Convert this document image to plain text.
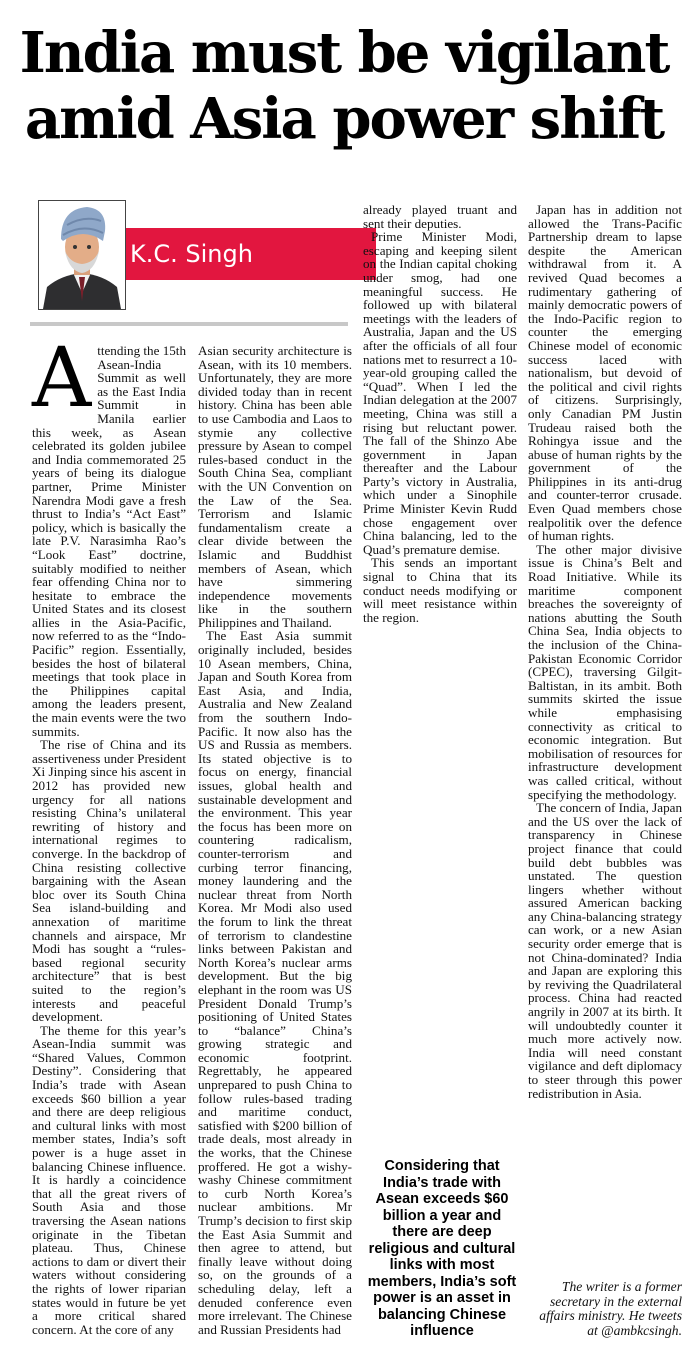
India must be vigilant
amid Asia power shift
K.C. Singh

Attending the 15th Asean-India Summit as well as the East India Summit in Manila earlier this week, as Asean celebrated its golden jubilee and India commemorated 25 years of being its dialogue partner, Prime Minister Narendra Modi gave a fresh thrust to India’s “Act East” policy, which is basically the late P.V. Narasimha Rao’s “Look East” doctrine, suitably modified to neither fear offending China nor to hesitate to embrace the United States and its closest allies in the Asia-Pacific, now referred to as the “Indo-Pacific” region. Essentially, besides the host of bilateral meetings that took place in the Philippines capital among the leaders present, the main events were the two summits.

The rise of China and its assertiveness under President Xi Jinping since his ascent in 2012 has provided new urgency for all nations resisting China’s unilateral rewriting of history and international regimes to converge. In the backdrop of China resisting collective bargaining with the Asean bloc over its South China Sea island-building and annexation of maritime channels and airspace, Mr Modi has sought a “rules-based regional security architecture” that is best suited to the region’s interests and peaceful development.

The theme for this year’s Asean-India summit was “Shared Values, Common Destiny”. Considering that India’s trade with Asean exceeds $60 billion a year and there are deep religious and cultural links with most member states, India’s soft power is a huge asset in balancing Chinese influence. It is hardly a coincidence that all the great rivers of South Asia and those traversing the Asean nations originate in the Tibetan plateau. Thus, Chinese actions to dam or divert their waters without considering the rights of lower riparian states would in future be yet a more critical shared concern. At the core of any

Asian security architecture is Asean, with its 10 members. Unfortunately, they are more divided today than in recent history. China has been able to use Cambodia and Laos to stymie any collective pressure by Asean to compel rules-based conduct in the South China Sea, compliant with the UN Convention on the Law of the Sea. Terrorism and Islamic fundamentalism create a clear divide between the Islamic and Buddhist members of Asean, which have simmering independence movements like in the southern Philippines and Thailand.

The East Asia summit originally included, besides 10 Asean members, China, Japan and South Korea from East Asia, and India, Australia and New Zealand from the southern Indo-Pacific. It now also has the US and Russia as members. Its stated objective is to focus on energy, financial issues, global health and sustainable development and the environment. This year the focus has been more on countering radicalism, counter-terrorism and curbing terror financing, money laundering and the nuclear threat from North Korea. Mr Modi also used the forum to link the threat of terrorism to clandestine links between Pakistan and North Korea’s nuclear arms development. But the big elephant in the room was US President Donald Trump’s positioning of United States to “balance” China’s growing strategic and economic footprint. Regrettably, he appeared unprepared to push China to follow rules-based trading and maritime conduct, satisfied with $200 billion of trade deals, most already in the works, that the Chinese proffered. He got a wishy-washy Chinese commitment to curb North Korea’s nuclear ambitions. Mr Trump’s decision to first skip the East Asia Summit and then agree to attend, but finally leave without doing so, on the grounds of a scheduling delay, left a denuded conference even more irrelevant. The Chinese and Russian Presidents had

already played truant and sent their deputies.

Prime Minister Modi, escaping and keeping silent on the Indian capital choking under smog, had one meaningful success. He followed up with bilateral meetings with the leaders of Australia, Japan and the US after the officials of all four nations met to resurrect a 10-year-old grouping called the “Quad”. When I led the Indian delegation at the 2007 meeting, China was still a rising but reluctant power. The fall of the Shinzo Abe government in Japan thereafter and the Labour Party’s victory in Australia, which under a Sinophile Prime Minister Kevin Rudd chose engagement over China balancing, led to the Quad’s premature demise.

This sends an important signal to China that its conduct needs modifying or will meet resistance within the region.

Japan has in addition not allowed the Trans-Pacific Partnership dream to lapse despite the American withdrawal from it. A revived Quad becomes a rudimentary gathering of mainly democratic powers of the Indo-Pacific region to counter the emerging Chinese model of economic success laced with nationalism, but devoid of the political and civil rights of citizens. Surprisingly, only Canadian PM Justin Trudeau raised both the Rohingya issue and the abuse of human rights by the government of the Philippines in its anti-drug and counter-terror crusade. Even Quad members chose realpolitik over the defence of human rights.

The other major divisive issue is China’s Belt and Road Initiative. While its maritime component breaches the sovereignty of nations abutting the South China Sea, India objects to the inclusion of the China-Pakistan Economic Corridor (CPEC), traversing Gilgit-Baltistan, in its ambit. Both summits skirted the issue while emphasising connectivity as critical to economic integration. But mobilisation of resources for infrastructure development was called critical, without specifying the methodology.

The concern of India, Japan and the US over the lack of transparency in Chinese project finance that could build debt bubbles was unstated. The question lingers whether without assured American backing any China-balancing strategy can work, or a new Asian security order emerge that is not China-dominated? India and Japan are exploring this by reviving the Quadrilateral process. China had reacted angrily in 2007 at its birth. It will undoubtedly counter it much more actively now. India will need constant vigilance and deft diplomacy to steer through this power redistribution in Asia.

Considering that India’s trade with Asean exceeds $60 billion a year and there are deep religious and cultural links with most members, India’s soft power is an asset in balancing Chinese influence
The writer is a former secretary in the external affairs ministry. He tweets at @ambkcsingh.
